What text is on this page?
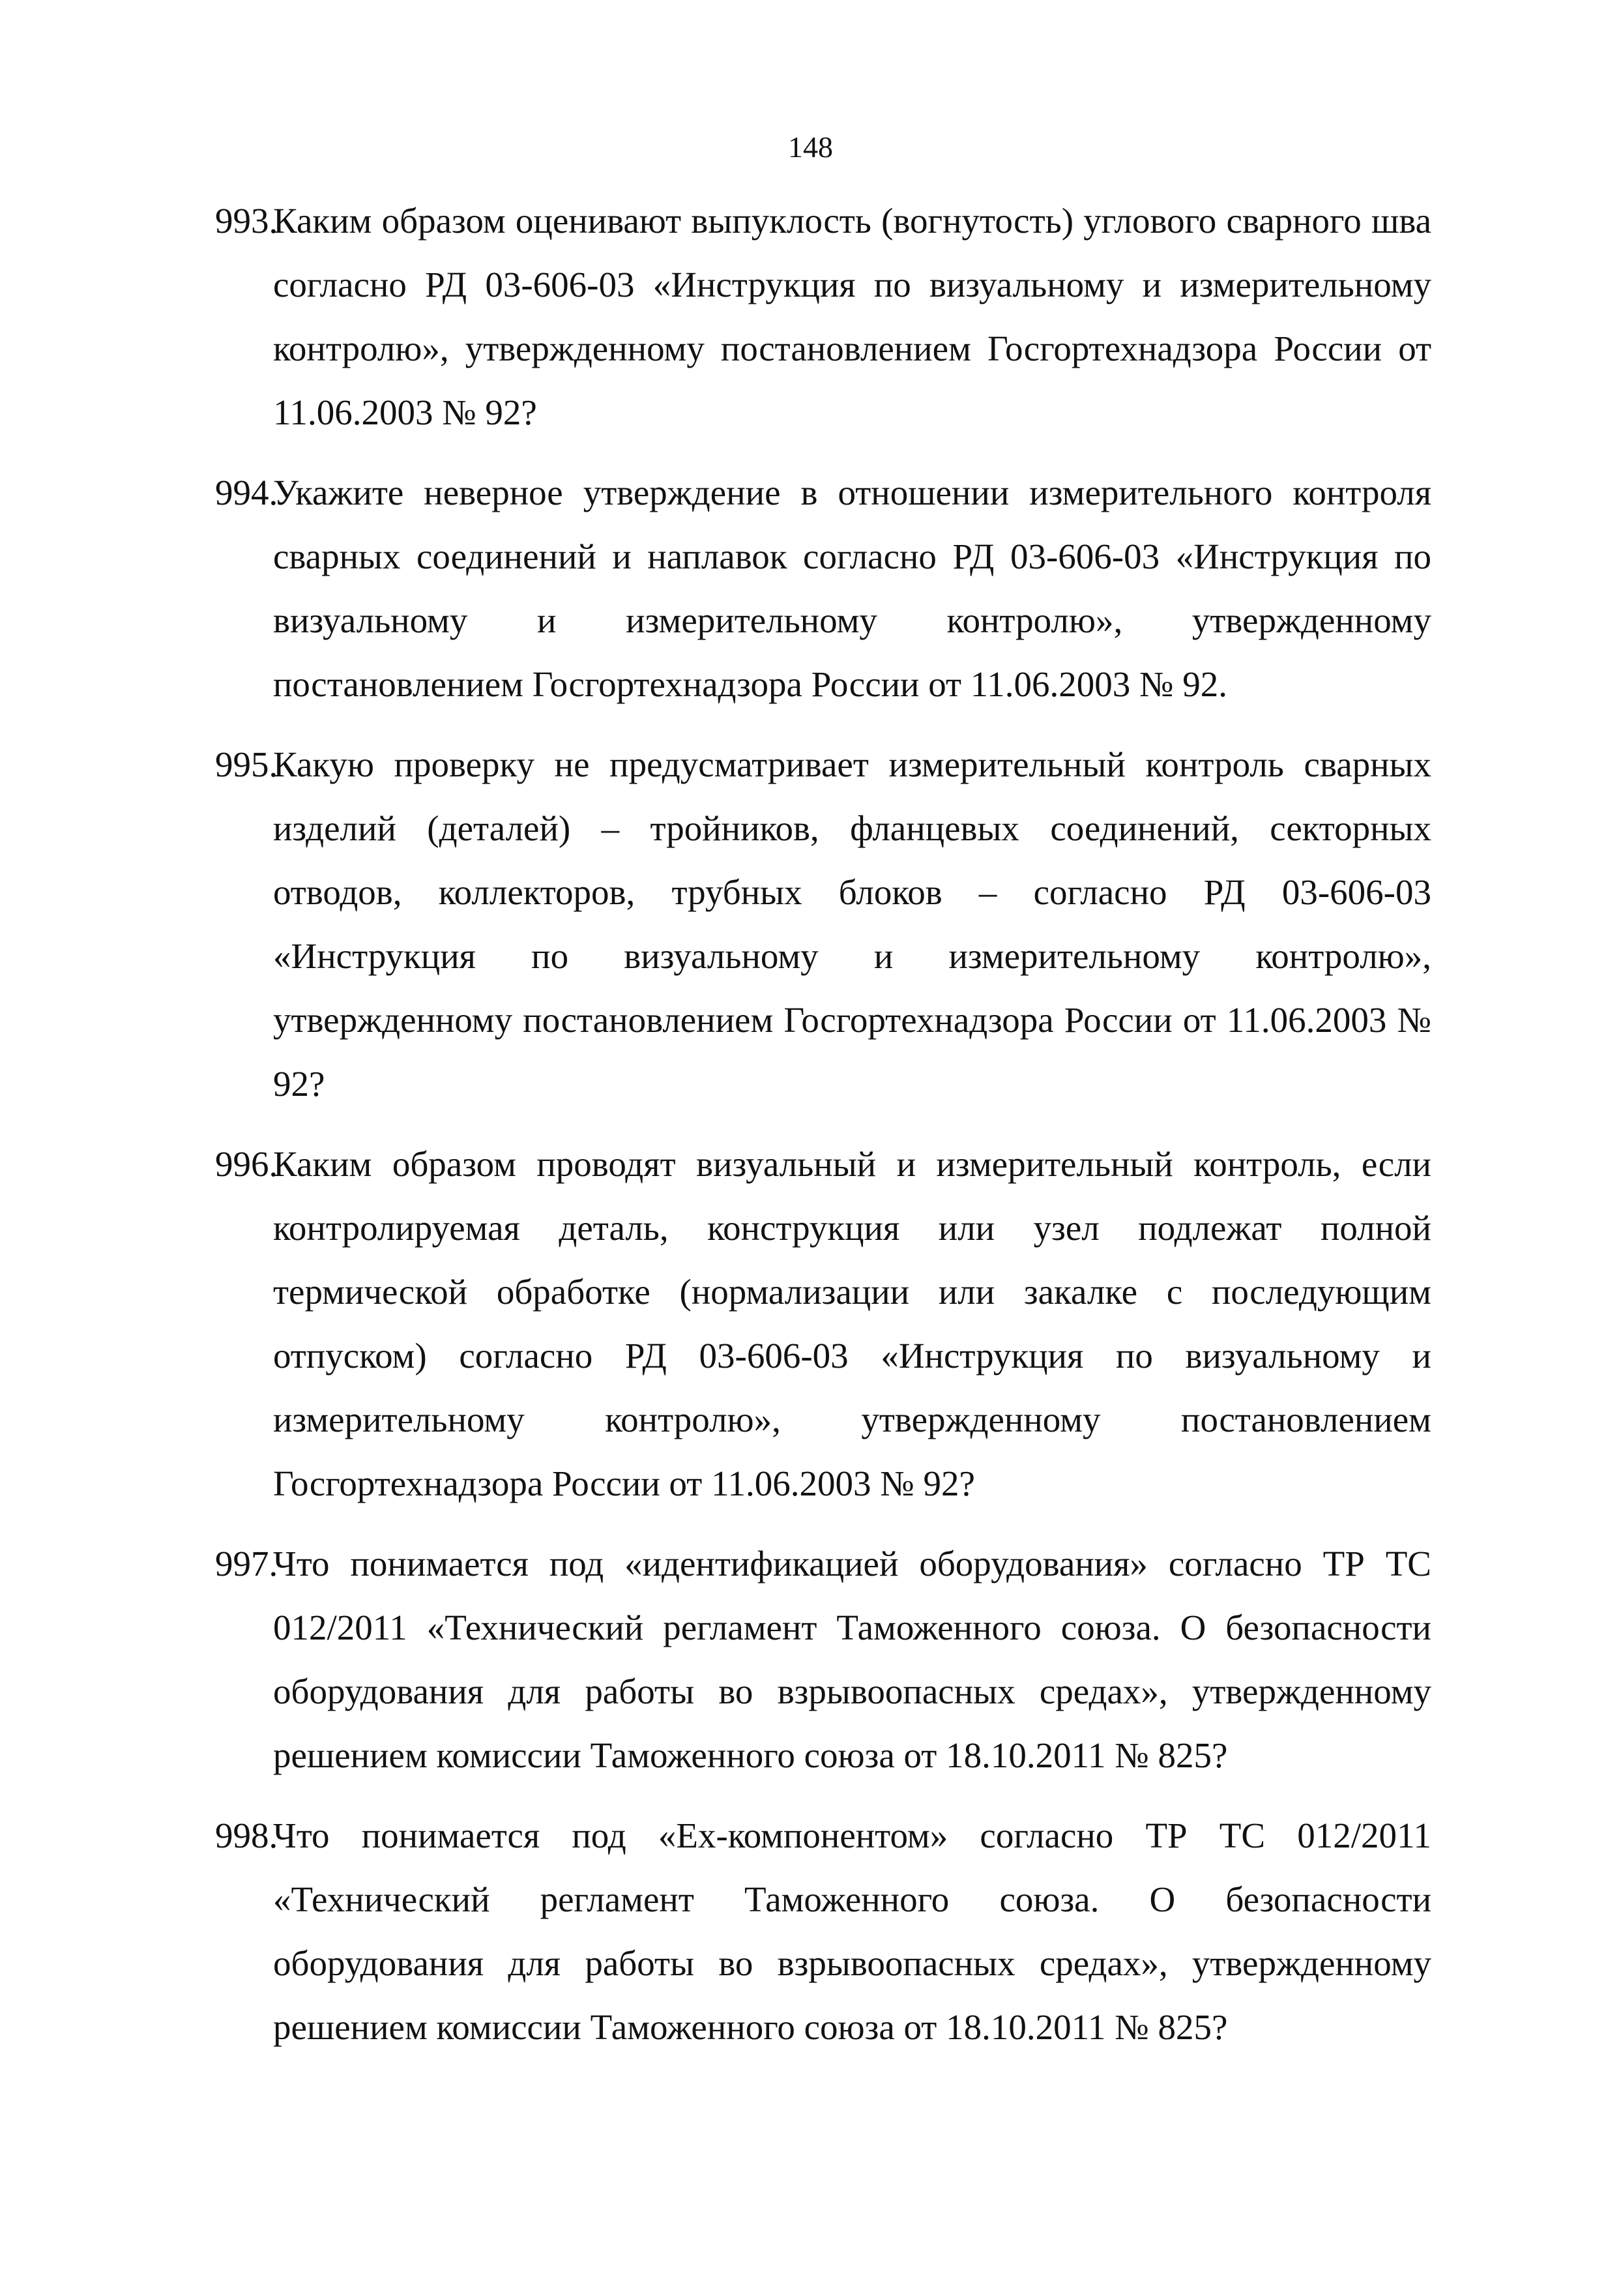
148
993.
Каким образом оценивают выпуклость (вогнутость) углового сварного шва согласно РД 03-606-03 «Инструкция по визуальному и измерительному контролю», утвержденному постановлением Госгортехнадзора России от 11.06.2003 № 92?
994.
Укажите неверное утверждение в отношении измерительного контроля сварных соединений и наплавок согласно РД 03-606-03 «Инструкция по визуальному и измерительному контролю», утвержденному постановлением Госгортехнадзора России от 11.06.2003 № 92.
995.
Какую проверку не предусматривает измерительный контроль сварных изделий (деталей) – тройников, фланцевых соединений, секторных отводов, коллекторов, трубных блоков – согласно РД 03-606-03 «Инструкция по визуальному и измерительному контролю», утвержденному постановлением Госгортехнадзора России от 11.06.2003 № 92?
996.
Каким образом проводят визуальный и измерительный контроль, если контролируемая деталь, конструкция или узел подлежат полной термической обработке (нормализации или закалке с последующим отпуском) согласно РД 03-606-03 «Инструкция по визуальному и измерительному контролю», утвержденному постановлением Госгортехнадзора России от 11.06.2003 № 92?
997.
Что понимается под «идентификацией оборудования» согласно ТР ТС 012/2011 «Технический регламент Таможенного союза. О безопасности оборудования для работы во взрывоопасных средах», утвержденному решением комиссии Таможенного союза от 18.10.2011 № 825?
998.
Что понимается под «Ех-компонентом» согласно ТР ТС 012/2011 «Технический регламент Таможенного союза. О безопасности оборудования для работы во взрывоопасных средах», утвержденному решением комиссии Таможенного союза от 18.10.2011 № 825?
